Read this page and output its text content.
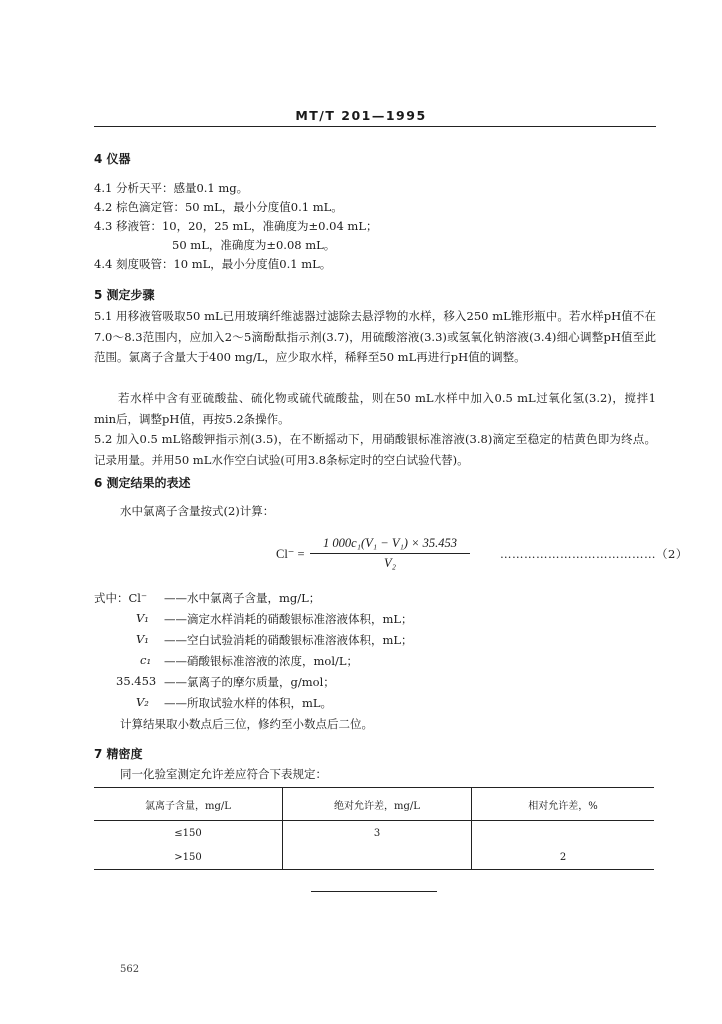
MT/T 201—1995
4 仪器
4.1 分析天平：感量0.1 mg。
4.2 棕色滴定管：50 mL，最小分度值0.1 mL。
4.3 移液管：10，20，25 mL，准确度为±0.04 mL；
50 mL，准确度为±0.08 mL。
4.4 刻度吸管：10 mL，最小分度值0.1 mL。
5 测定步骤
5.1 用移液管吸取50 mL已用玻璃纤维滤器过滤除去悬浮物的水样，移入250 mL锥形瓶中。若水样pH值不在7.0～8.3范围内，应加入2～5滴酚酞指示剂(3.7)，用硫酸溶液(3.3)或氢氧化钠溶液(3.4)细心调整pH值至此范围。氯离子含量大于400 mg/L，应少取水样，稀释至50 mL再进行pH值的调整。
若水样中含有亚硫酸盐、硫化物或硫代硫酸盐，则在50 mL水样中加入0.5 mL过氧化氢(3.2)，搅拌1 min后，调整pH值，再按5.2条操作。
5.2 加入0.5 mL铬酸钾指示剂(3.5)，在不断摇动下，用硝酸银标准溶液(3.8)滴定至稳定的桔黄色即为终点。记录用量。并用50 mL水作空白试验(可用3.8条标定时的空白试验代替)。
6 测定结果的表述
水中氯离子含量按式(2)计算：
Cl⁻ =
1 000c₁(V₁ − V₁) × 35.453
V₂
…………………………………（2）
式中：Cl⁻ ——水中氯离子含量，mg/L；
V₁ ——滴定水样消耗的硝酸银标准溶液体积，mL；
V₁ ——空白试验消耗的硝酸银标准溶液体积，mL；
c₁ ——硝酸银标准溶液的浓度，mol/L；
35.453 ——氯离子的摩尔质量，g/mol；
V₂ ——所取试验水样的体积，mL。
计算结果取小数点后三位，修约至小数点后二位。
7 精密度
同一化验室测定允许差应符合下表规定：
氯离子含量，mg/L	绝对允许差，mg/L	相对允许差，%
≤150	3	
>150		2
562
